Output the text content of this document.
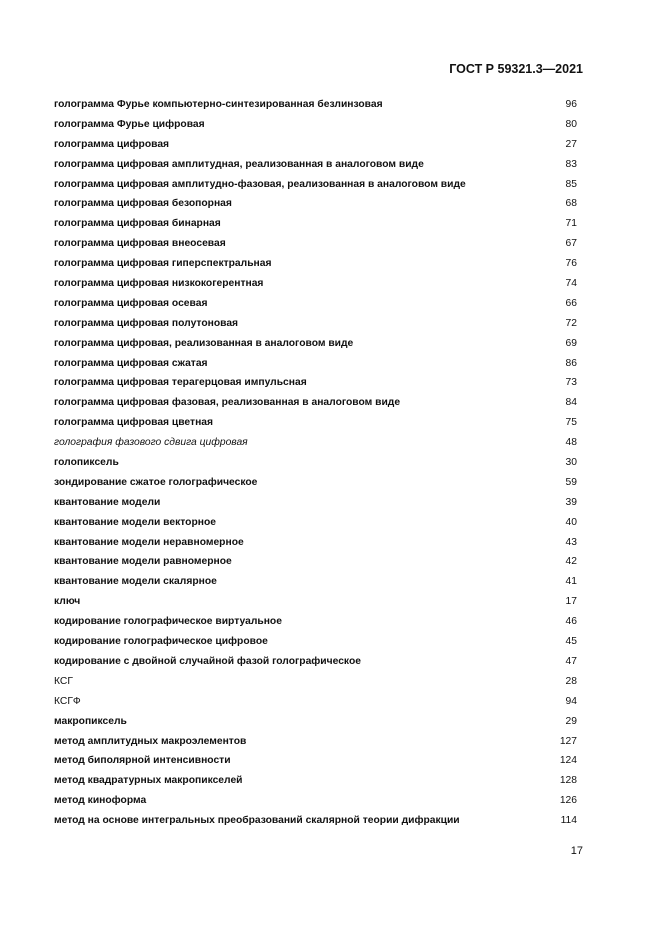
ГОСТ Р 59321.3—2021
голограмма Фурье компьютерно-синтезированная безлинзовая	96
голограмма Фурье цифровая	80
голограмма цифровая	27
голограмма цифровая амплитудная, реализованная в аналоговом виде	83
голограмма цифровая амплитудно-фазовая, реализованная в аналоговом виде	85
голограмма цифровая безопорная	68
голограмма цифровая бинарная	71
голограмма цифровая внеосевая	67
голограмма цифровая гиперспектральная	76
голограмма цифровая низкокогерентная	74
голограмма цифровая осевая	66
голограмма цифровая полутоновая	72
голограмма цифровая, реализованная в аналоговом виде	69
голограмма цифровая сжатая	86
голограмма цифровая терагерцовая импульсная	73
голограмма цифровая фазовая, реализованная в аналоговом виде	84
голограмма цифровая цветная	75
голография фазового сдвига цифровая	48
голопиксель	30
зондирование сжатое голографическое	59
квантование модели	39
квантование модели векторное	40
квантование модели неравномерное	43
квантование модели равномерное	42
квантование модели скалярное	41
ключ	17
кодирование голографическое виртуальное	46
кодирование голографическое цифровое	45
кодирование с двойной случайной фазой голографическое	47
КСГ	28
КСГФ	94
макропиксель	29
метод амплитудных макроэлементов	127
метод биполярной интенсивности	124
метод квадратурных макропикселей	128
метод киноформа	126
метод на основе интегральных преобразований скалярной теории дифракции	114
17
